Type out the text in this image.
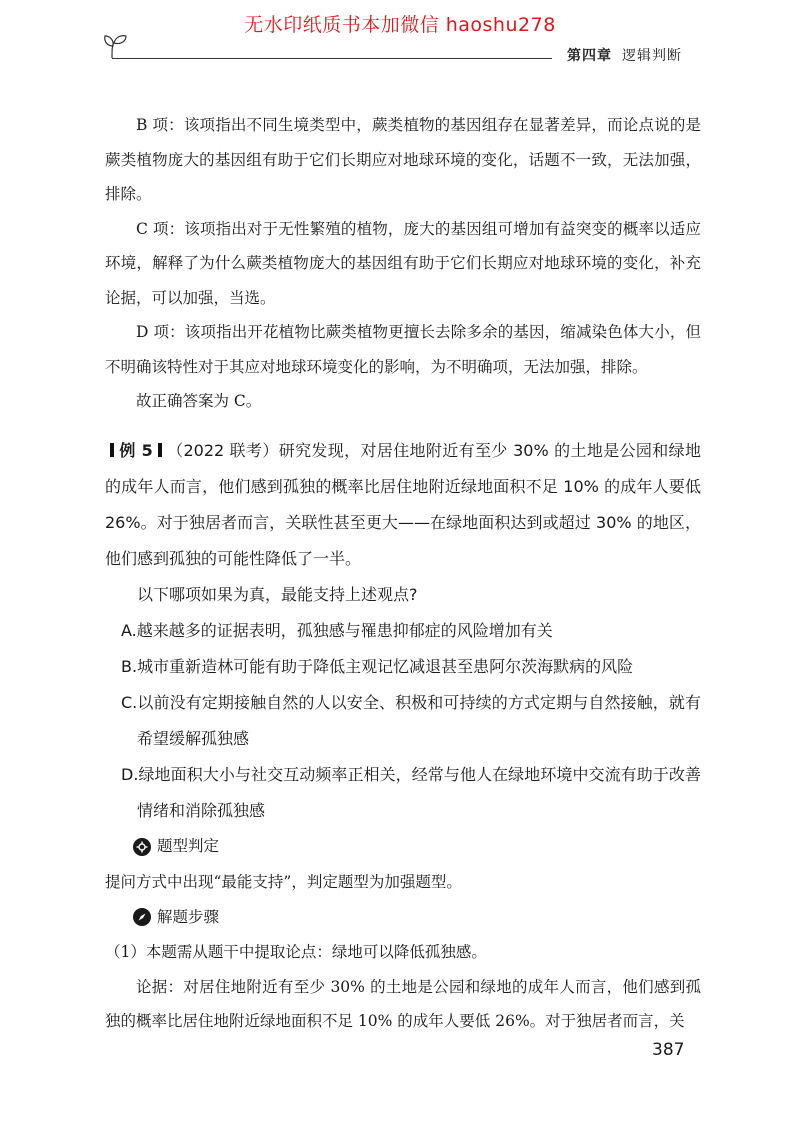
无水印纸质书本加微信 haoshu278
第四章 逻辑判断

B 项：该项指出不同生境类型中，蕨类植物的基因组存在显著差异，而论点说的是蕨类植物庞大的基因组有助于它们长期应对地球环境的变化，话题不一致，无法加强，排除。

C 项：该项指出对于无性繁殖的植物，庞大的基因组可增加有益突变的概率以适应环境，解释了为什么蕨类植物庞大的基因组有助于它们长期应对地球环境的变化，补充论据，可以加强，当选。

D 项：该项指出开花植物比蕨类植物更擅长去除多余的基因，缩减染色体大小，但不明确该特性对于其应对地球环境变化的影响，为不明确项，无法加强，排除。

故正确答案为 C。

例 5 （2022 联考）研究发现，对居住地附近有至少 30% 的土地是公园和绿地的成年人而言，他们感到孤独的概率比居住地附近绿地面积不足 10% 的成年人要低 26%。对于独居者而言，关联性甚至更大——在绿地面积达到或超过 30% 的地区，他们感到孤独的可能性降低了一半。

以下哪项如果为真，最能支持上述观点?

A.越来越多的证据表明，孤独感与罹患抑郁症的风险增加有关

B.城市重新造林可能有助于降低主观记忆减退甚至患阿尔茨海默病的风险

C.以前没有定期接触自然的人以安全、积极和可持续的方式定期与自然接触，就有希望缓解孤独感

D.绿地面积大小与社交互动频率正相关，经常与他人在绿地环境中交流有助于改善情绪和消除孤独感

题型判定

提问方式中出现“最能支持”，判定题型为加强题型。

解题步骤

（1）本题需从题干中提取论点：绿地可以降低孤独感。

论据：对居住地附近有至少 30% 的土地是公园和绿地的成年人而言，他们感到孤独的概率比居住地附近绿地面积不足 10% 的成年人要低 26%。对于独居者而言，关

387
